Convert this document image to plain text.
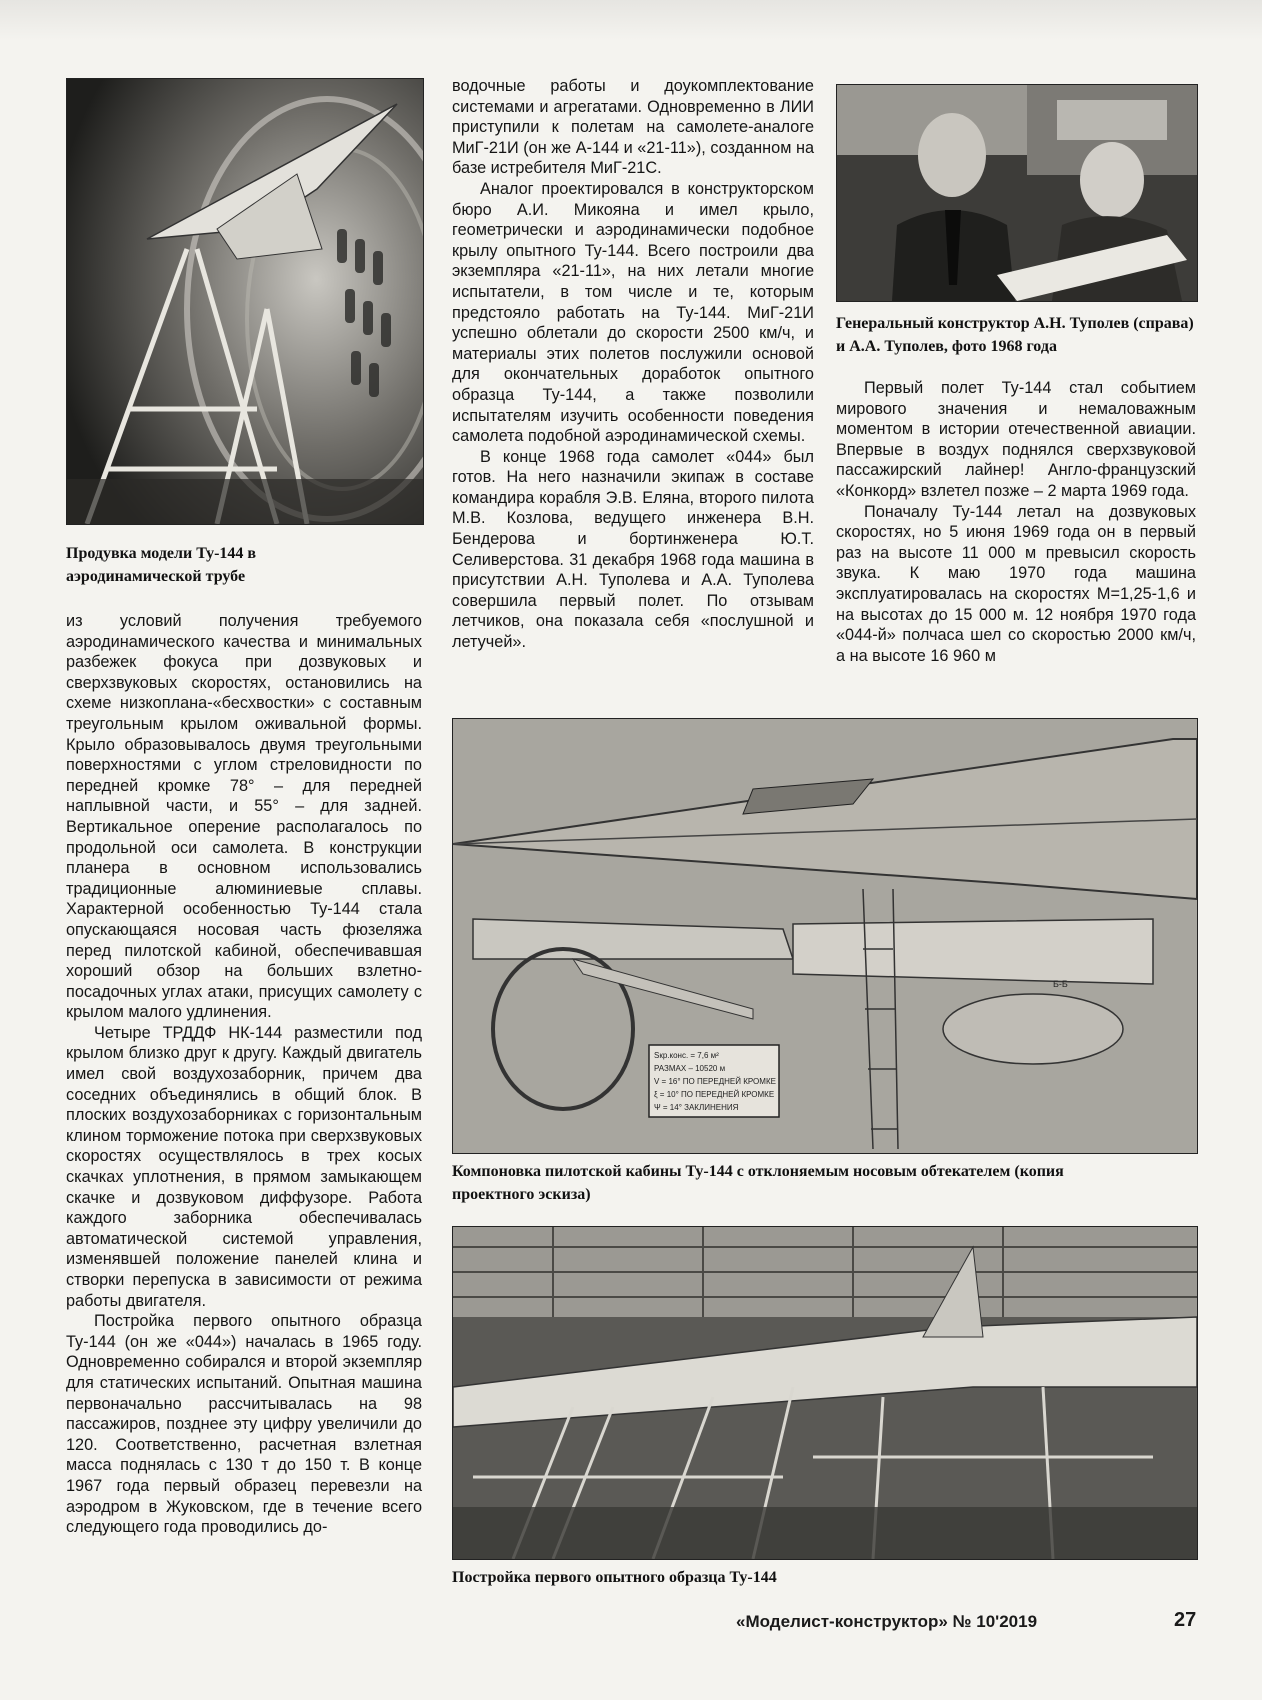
Продувка модели Ту-144 в аэродинамической трубе

Генеральный конструктор А.Н. Туполев (справа) и А.А. Туполев, фото 1968 года

Б-Б
Sкр.конс. = 7,6 м²
РАЗМАХ – 10520 м
V = 16° ПО ПЕРЕДНЕЙ КРОМКЕ
ξ = 10° ПО ПЕРЕДНЕЙ КРОМКЕ
Ψ = 14° ЗАКЛИНЕНИЯ

Компоновка пилотской кабины Ту-144 с отклоняемым носовым обтекателем (копия проектного эскиза)

Постройка первого опытного образца Ту-144

из условий получения требуемого аэродинамического качества и минимальных разбежек фокуса при дозвуковых и сверхзвуковых скоростях, остановились на схеме низкоплана-«бесхвостки» с составным треугольным крылом оживальной формы. Крыло образовывалось двумя треугольными поверхностями с углом стреловидности по передней кромке 78° – для передней наплывной части, и 55° – для задней. Вертикальное оперение располагалось по продольной оси самолета. В конструкции планера в основном использовались традиционные алюминиевые сплавы. Характерной особенностью Ту-144 стала опускающаяся носовая часть фюзеляжа перед пилотской кабиной, обеспечивавшая хороший обзор на больших взлетно-посадочных углах атаки, присущих самолету с крылом малого удлинения.

Четыре ТРДДФ НК-144 разместили под крылом близко друг к другу. Каждый двигатель имел свой воздухозаборник, причем два соседних объединялись в общий блок. В плоских воздухозаборниках с горизонтальным клином торможение потока при сверхзвуковых скоростях осуществлялось в трех косых скачках уплотнения, в прямом замыкающем скачке и дозвуковом диффузоре. Работа каждого заборника обеспечивалась автоматической системой управления, изменявшей положение панелей клина и створки перепуска в зависимости от режима работы двигателя.

Постройка первого опытного образца Ту-144 (он же «044») началась в 1965 году. Одновременно собирался и второй экземпляр для статических испытаний. Опытная машина первоначально рассчитывалась на 98 пассажиров, позднее эту цифру увеличили до 120. Соответственно, расчетная взлетная масса поднялась с 130 т до 150 т. В конце 1967 года первый образец перевезли на аэродром в Жуковском, где в течение всего следующего года проводились до-

водочные работы и доукомплектование системами и агрегатами. Одновременно в ЛИИ приступили к полетам на самолете-аналоге МиГ-21И (он же А-144 и «21-11»), созданном на базе истребителя МиГ-21С.

Аналог проектировался в конструкторском бюро А.И. Микояна и имел крыло, геометрически и аэродинамически подобное крылу опытного Ту-144. Всего построили два экземпляра «21-11», на них летали многие испытатели, в том числе и те, которым предстояло работать на Ту-144. МиГ-21И успешно облетали до скорости 2500 км/ч, и материалы этих полетов послужили основой для окончательных доработок опытного образца Ту-144, а также позволили испытателям изучить особенности поведения самолета подобной аэродинамической схемы.

В конце 1968 года самолет «044» был готов. На него назначили экипаж в составе командира корабля Э.В. Еляна, второго пилота М.В. Козлова, ведущего инженера В.Н. Бендерова и бортинженера Ю.Т. Селиверстова. 31 декабря 1968 года машина в присутствии А.Н. Туполева и А.А. Туполева совершила первый полет. По отзывам летчиков, она показала себя «послушной и летучей».

Первый полет Ту-144 стал событием мирового значения и немаловажным моментом в истории отечественной авиации. Впервые в воздух поднялся сверхзвуковой пассажирский лайнер! Англо-французский «Конкорд» взлетел позже – 2 марта 1969 года.

Поначалу Ту-144 летал на дозвуковых скоростях, но 5 июня 1969 года он в первый раз на высоте 11 000 м превысил скорость звука. К маю 1970 года машина эксплуатировалась на скоростях М=1,25-1,6 и на высотах до 15 000 м. 12 ноября 1970 года «044-й» полчаса шел со скоростью 2000 км/ч, а на высоте 16 960 м

«Моделист-конструктор» № 10'2019	27
